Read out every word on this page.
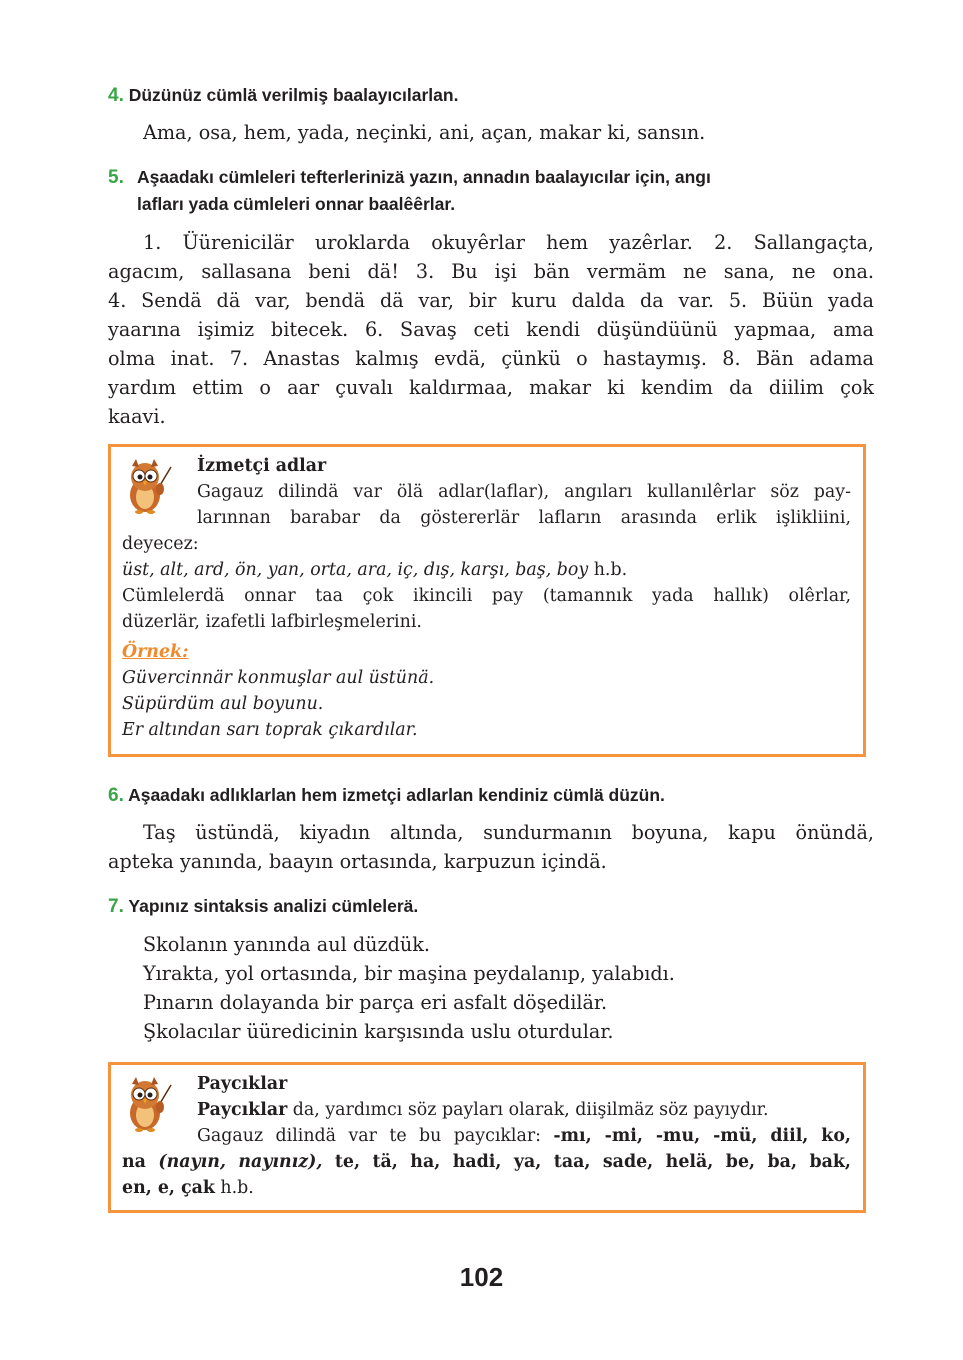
4. Düzünüz cümlä verilmiş baalayıcılarlan.
Ama, osa, hem, yada, neçinki, ani, açan, makar ki, sansın.
5. Aşaadakı cümleleri tefterlerinizä yazın, annadın baalayıcılar için, angı
lafları yada cümleleri onnar baalêêrlar.
1. Üürenicilär uroklarda okuyêrlar hem yazêrlar. 2. Sallangaçta,
agacım, sallasana beni dä! 3. Bu işi bän vermäm ne sana, ne ona.
4. Sendä dä var, bendä dä var, bir kuru dalda da var. 5. Büün yada
yaarına işimiz bitecek. 6. Savaş ceti kendi düşündüünü yapmaa, ama
olma inat. 7. Anastas kalmış evdä, çünkü o hastaymış. 8. Bän adama
yardım ettim o aar çuvalı kaldırmaa, makar ki kendim da diilim çok
kaavi.
İzmetçi adlar
Gagauz dilindä var ölä adlar(laflar), angıları kullanılêrlar söz pay-
larınnan barabar da göstererlär lafların arasında erlik işlikliini,
deyecez:
üst, alt, ard, ön, yan, orta, ara, iç, dış, karşı, baş, boy h.b.
Cümlelerdä onnar taa çok ikincili pay (tamannık yada hallık) olêrlar,
düzerlär, izafetli lafbirleşmelerini.
Örnek:
Güvercinnär konmuşlar aul üstünä.
Süpürdüm aul boyunu.
Er altından sarı toprak çıkardılar.
6. Aşaadakı adlıklarlan hem izmetçi adlarlan kendiniz cümlä düzün.
Taş üstündä, kiyadın altında, sundurmanın boyuna, kapu önündä,
apteka yanında, baayın ortasında, karpuzun içindä.
7. Yapınız sintaksis analizi cümlelerä.
Skolanın yanında aul düzdük.
Yırakta, yol ortasında, bir maşina peydalanıp, yalabıdı.
Pınarın dolayanda bir parça eri asfalt döşedilär.
Şkolacılar üüredicinin karşısında uslu oturdular.
Paycıklar
Paycıklar da, yardımcı söz payları olarak, diişilmäz söz payıydır.
Gagauz dilindä var te bu paycıklar: -mı, -mi, -mu, -mü, diil, ko,
na (nayın, nayınız), te, tä, ha, hadi, ya, taa, sade, helä, be, ba, bak,
en, e, çak h.b.
102
